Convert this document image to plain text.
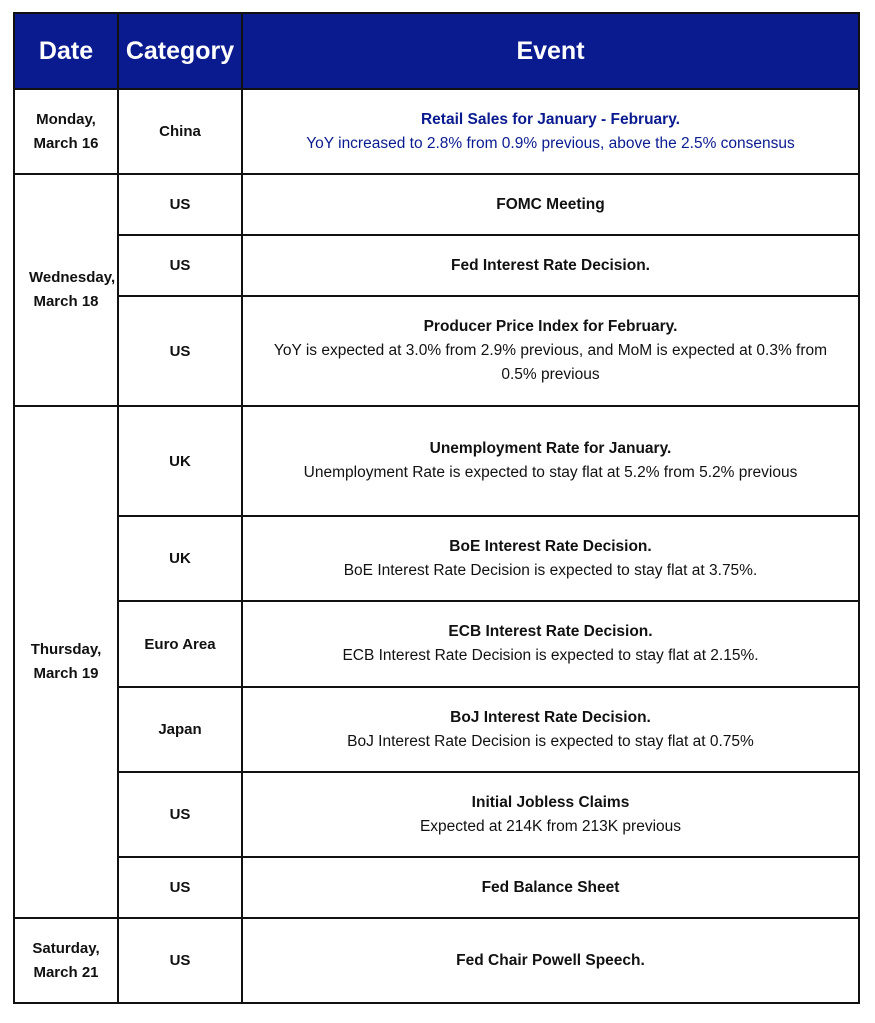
Date	Category	Event

Monday,
March 16	China	Retail Sales for January - February.
YoY increased to 2.8% from 0.9% previous, above the 2.5% consensus

Wednesday,
March 18	US	FOMC Meeting

	US	Fed Interest Rate Decision.

	US	Producer Price Index for February.
YoY is expected at 3.0% from 2.9% previous, and MoM is expected at 0.3% from 0.5% previous

Thursday,
March 19	UK	Unemployment Rate for January.
Unemployment Rate is expected to stay flat at 5.2% from 5.2% previous

	UK	BoE Interest Rate Decision.
BoE Interest Rate Decision is expected to stay flat at 3.75%.

	Euro Area	ECB Interest Rate Decision.
ECB Interest Rate Decision is expected to stay flat at 2.15%.

	Japan	BoJ Interest Rate Decision.
BoJ Interest Rate Decision is expected to stay flat at 0.75%

	US	Initial Jobless Claims
Expected at 214K from 213K previous

	US	Fed Balance Sheet

Saturday,
March 21	US	Fed Chair Powell Speech.
